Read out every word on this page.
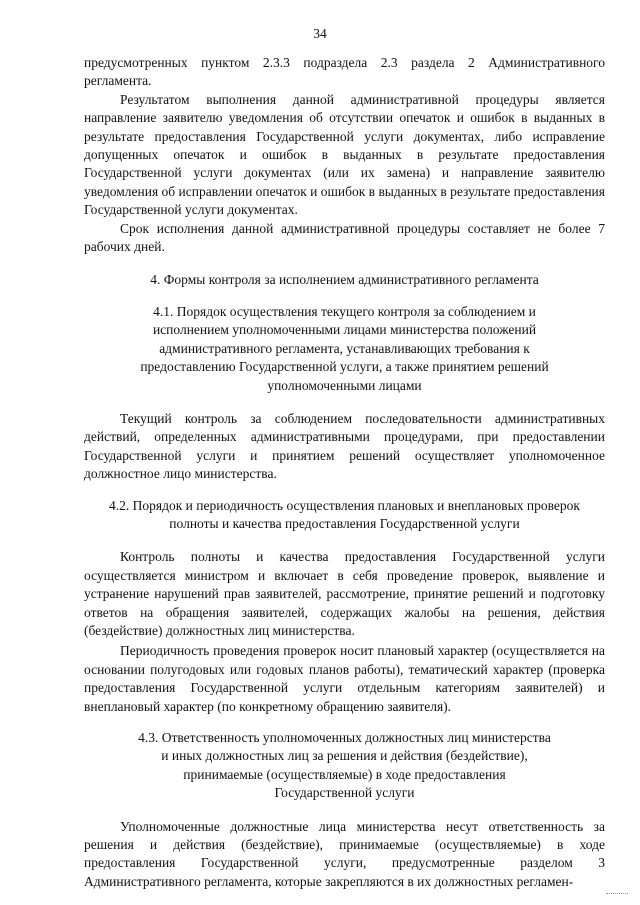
34

предусмотренных пунктом 2.3.3 подраздела 2.3 раздела 2 Административного регламента.

Результатом выполнения данной административной процедуры является направление заявителю уведомления об отсутствии опечаток и ошибок в выданных в результате предоставления Государственной услуги документах, либо исправление допущенных опечаток и ошибок в выданных в результате предоставления Государственной услуги документах (или их замена) и направление заявителю уведомления об исправлении опечаток и ошибок в выданных в результате предоставления Государственной услуги документах.

Срок исполнения данной административной процедуры составляет не более 7 рабочих дней.

4. Формы контроля за исполнением административного регламента
4.1. Порядок осуществления текущего контроля за соблюдением и исполнением уполномоченными лицами министерства положений административного регламента, устанавливающих требования к предоставлению Государственной услуги, а также принятием решений уполномоченными лицами

Текущий контроль за соблюдением последовательности административных действий, определенных административными процедурами, при предоставлении Государственной услуги и принятием решений осуществляет уполномоченное должностное лицо министерства.

4.2. Порядок и периодичность осуществления плановых и внеплановых проверок полноты и качества предоставления Государственной услуги

Контроль полноты и качества предоставления Государственной услуги осуществляется министром и включает в себя проведение проверок, выявление и устранение нарушений прав заявителей, рассмотрение, принятие решений и подготовку ответов на обращения заявителей, содержащих жалобы на решения, действия (бездействие) должностных лиц министерства.

Периодичность проведения проверок носит плановый характер (осуществляется на основании полугодовых или годовых планов работы), тематический характер (проверка предоставления Государственной услуги отдельным категориям заявителей) и внеплановый характер (по конкретному обращению заявителя).

4.3. Ответственность уполномоченных должностных лиц министерства и иных должностных лиц за решения и действия (бездействие), принимаемые (осуществляемые) в ходе предоставления Государственной услуги

Уполномоченные должностные лица министерства несут ответственность за решения и действия (бездействие), принимаемые (осуществляемые) в ходе предоставления Государственной услуги, предусмотренные разделом 3 Административного регламента, которые закрепляются в их должностных регламен-
